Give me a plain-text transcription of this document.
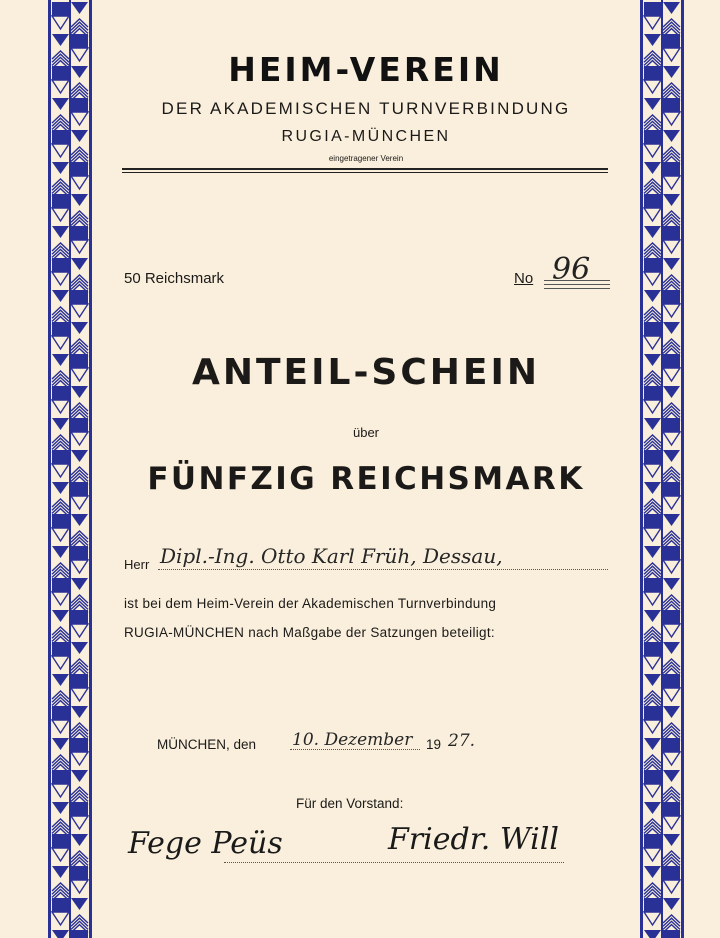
HEIM-VEREIN
DER AKADEMISCHEN TURNVERBINDUNG
RUGIA-MÜNCHEN
eingetragener Verein
50 Reichsmark	No 96
ANTEIL-SCHEIN
über
FÜNFZIG REICHSMARK
Herr Dipl.-Ing. Otto Karl Früh, Dessau,
ist bei dem Heim-Verein der Akademischen Turnverbindung
RUGIA-MÜNCHEN nach Maßgabe der Satzungen beteiligt:
MÜNCHEN, den 10. Dezember 19 27.
Für den Vorstand:
Fege Peüs	Friedr. Will
